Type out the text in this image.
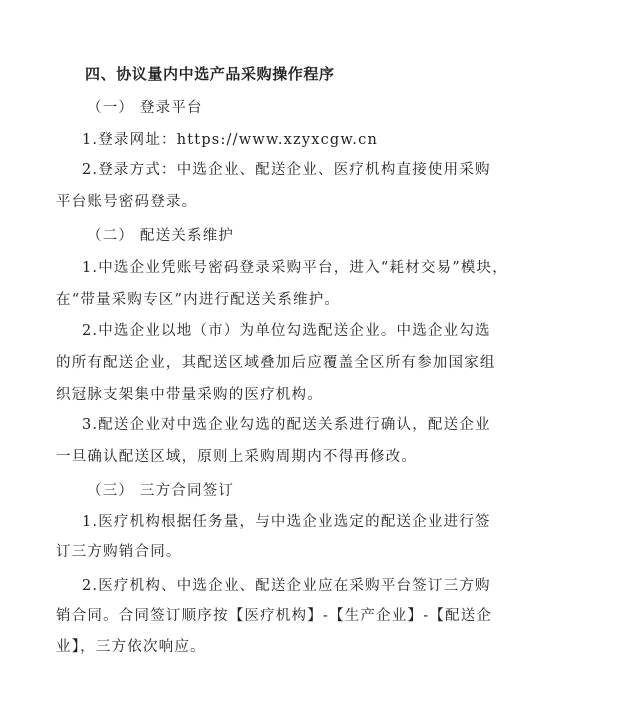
四、协议量内中选产品采购操作程序
（一） 登录平台
1.登录网址：https://www.xzyxcgw.cn
2.登录方式：中选企业、配送企业、医疗机构直接使用采购
平台账号密码登录。
（二） 配送关系维护
1.中选企业凭账号密码登录采购平台，进入“耗材交易”模块，
在“带量采购专区”内进行配送关系维护。
2.中选企业以地（市）为单位勾选配送企业。中选企业勾选
的所有配送企业，其配送区域叠加后应覆盖全区所有参加国家组
织冠脉支架集中带量采购的医疗机构。
3.配送企业对中选企业勾选的配送关系进行确认，配送企业
一旦确认配送区域，原则上采购周期内不得再修改。
（三） 三方合同签订
1.医疗机构根据任务量，与中选企业选定的配送企业进行签
订三方购销合同。
2.医疗机构、中选企业、配送企业应在采购平台签订三方购
销合同。合同签订顺序按【医疗机构】-【生产企业】-【配送企
业】，三方依次响应。
